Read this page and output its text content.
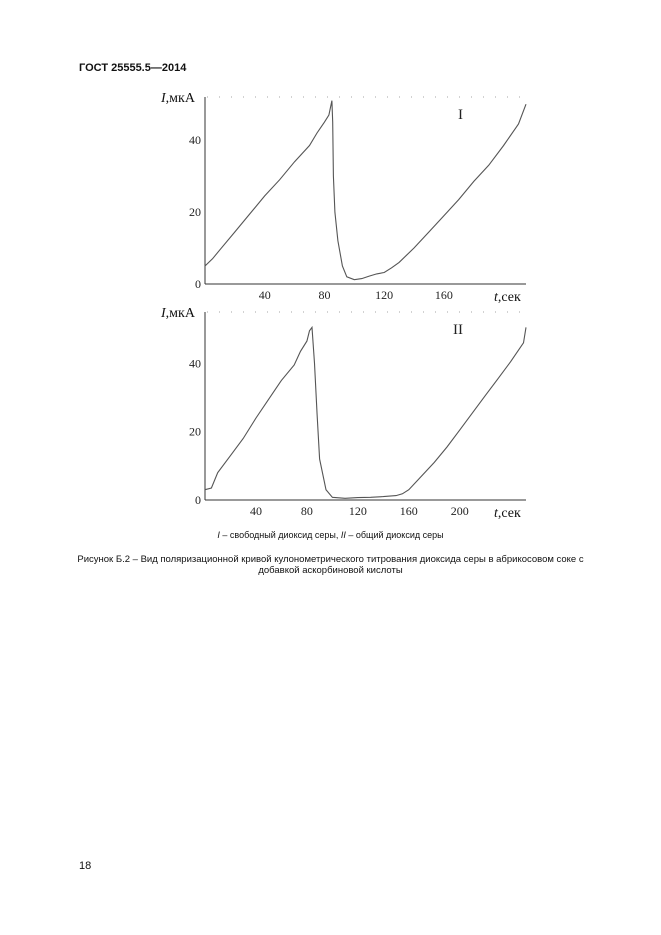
ГОСТ 25555.5—2014
40	80	120	160
0
20
40
I,мкА
t,сек
I
40	80	120	160	200
0
20
40
I,мкА
t,сек
II
I – свободный диоксид серы, II – общий диоксид серы
Рисунок Б.2 – Вид поляризационной кривой кулонометрического титрования диоксида серы в абрикосовом соке с
добавкой аскорбиновой кислоты
18
